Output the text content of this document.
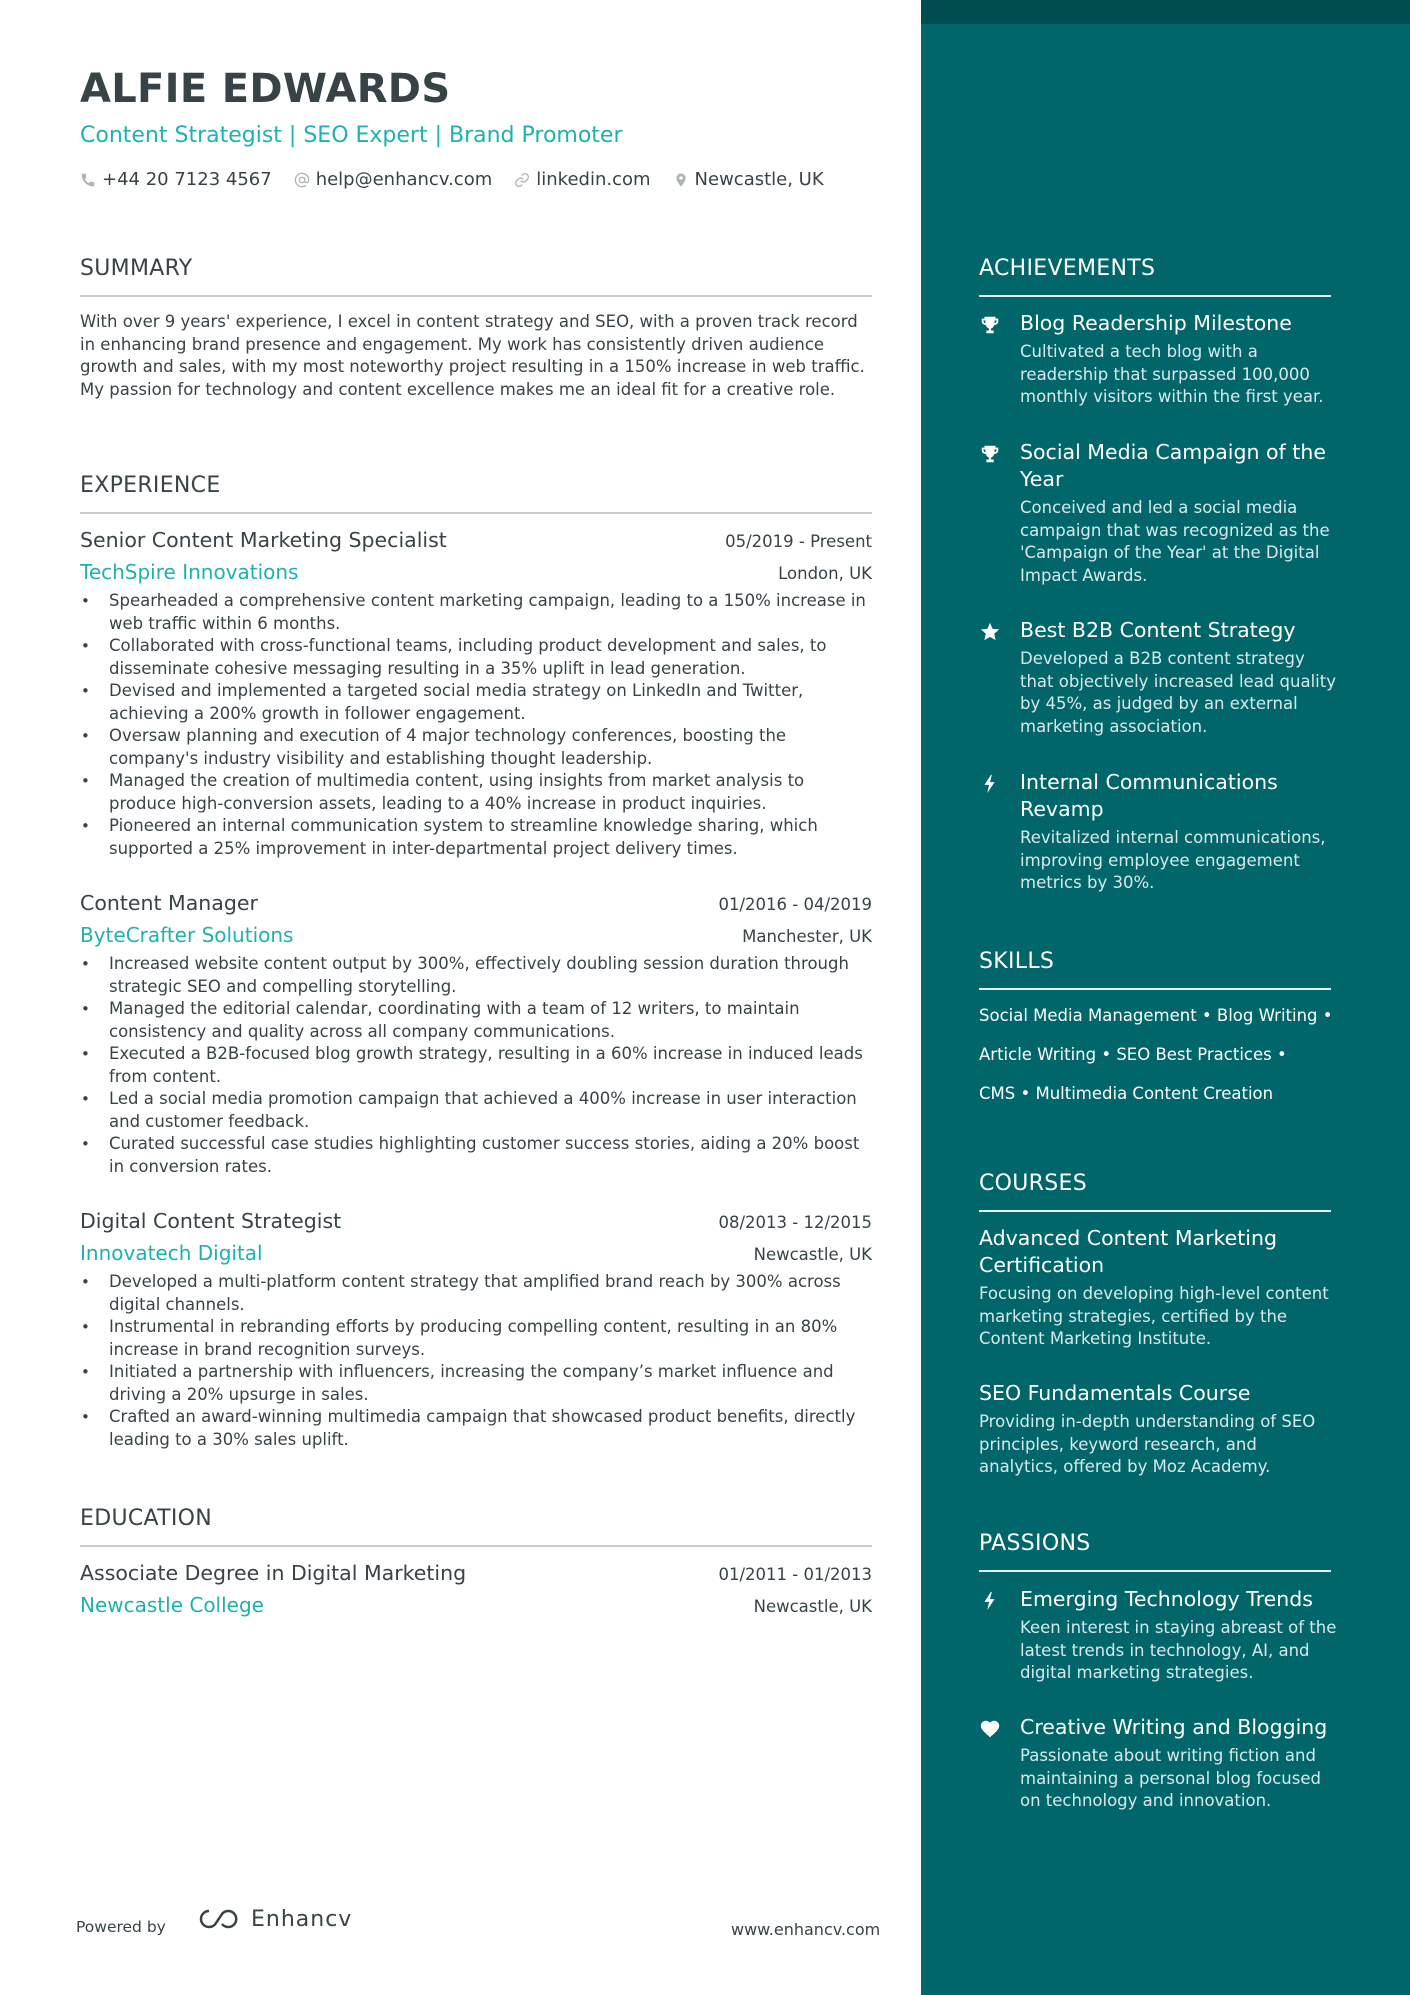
ALFIE EDWARDS
Content Strategist | SEO Expert | Brand Promoter
+44 20 7123 4567 help@enhancv.com linkedin.com Newcastle, UK
SUMMARY
With over 9 years' experience, I excel in content strategy and SEO, with a proven track record in enhancing brand presence and engagement. My work has consistently driven audience growth and sales, with my most noteworthy project resulting in a 150% increase in web traffic. My passion for technology and content excellence makes me an ideal fit for a creative role.
EXPERIENCE
Senior Content Marketing Specialist	05/2019 - Present
TechSpire Innovations	London, UK
• Spearheaded a comprehensive content marketing campaign, leading to a 150% increase in web traffic within 6 months.
• Collaborated with cross-functional teams, including product development and sales, to disseminate cohesive messaging resulting in a 35% uplift in lead generation.
• Devised and implemented a targeted social media strategy on LinkedIn and Twitter, achieving a 200% growth in follower engagement.
• Oversaw planning and execution of 4 major technology conferences, boosting the company's industry visibility and establishing thought leadership.
• Managed the creation of multimedia content, using insights from market analysis to produce high-conversion assets, leading to a 40% increase in product inquiries.
• Pioneered an internal communication system to streamline knowledge sharing, which supported a 25% improvement in inter-departmental project delivery times.
Content Manager	01/2016 - 04/2019
ByteCrafter Solutions	Manchester, UK
• Increased website content output by 300%, effectively doubling session duration through strategic SEO and compelling storytelling.
• Managed the editorial calendar, coordinating with a team of 12 writers, to maintain consistency and quality across all company communications.
• Executed a B2B-focused blog growth strategy, resulting in a 60% increase in induced leads from content.
• Led a social media promotion campaign that achieved a 400% increase in user interaction and customer feedback.
• Curated successful case studies highlighting customer success stories, aiding a 20% boost in conversion rates.
Digital Content Strategist	08/2013 - 12/2015
Innovatech Digital	Newcastle, UK
• Developed a multi-platform content strategy that amplified brand reach by 300% across digital channels.
• Instrumental in rebranding efforts by producing compelling content, resulting in an 80% increase in brand recognition surveys.
• Initiated a partnership with influencers, increasing the company’s market influence and driving a 20% upsurge in sales.
• Crafted an award-winning multimedia campaign that showcased product benefits, directly leading to a 30% sales uplift.
EDUCATION
Associate Degree in Digital Marketing	01/2011 - 01/2013
Newcastle College	Newcastle, UK
ACHIEVEMENTS
Blog Readership Milestone
Cultivated a tech blog with a readership that surpassed 100,000 monthly visitors within the first year.
Social Media Campaign of the Year
Conceived and led a social media campaign that was recognized as the 'Campaign of the Year' at the Digital Impact Awards.
Best B2B Content Strategy
Developed a B2B content strategy that objectively increased lead quality by 45%, as judged by an external marketing association.
Internal Communications Revamp
Revitalized internal communications, improving employee engagement metrics by 30%.
SKILLS
Social Media Management • Blog Writing •
Article Writing • SEO Best Practices •
CMS • Multimedia Content Creation
COURSES
Advanced Content Marketing Certification
Focusing on developing high-level content marketing strategies, certified by the Content Marketing Institute.
SEO Fundamentals Course
Providing in-depth understanding of SEO principles, keyword research, and analytics, offered by Moz Academy.
PASSIONS
Emerging Technology Trends
Keen interest in staying abreast of the latest trends in technology, AI, and digital marketing strategies.
Creative Writing and Blogging
Passionate about writing fiction and maintaining a personal blog focused on technology and innovation.
Powered by	Enhancv	www.enhancv.com
